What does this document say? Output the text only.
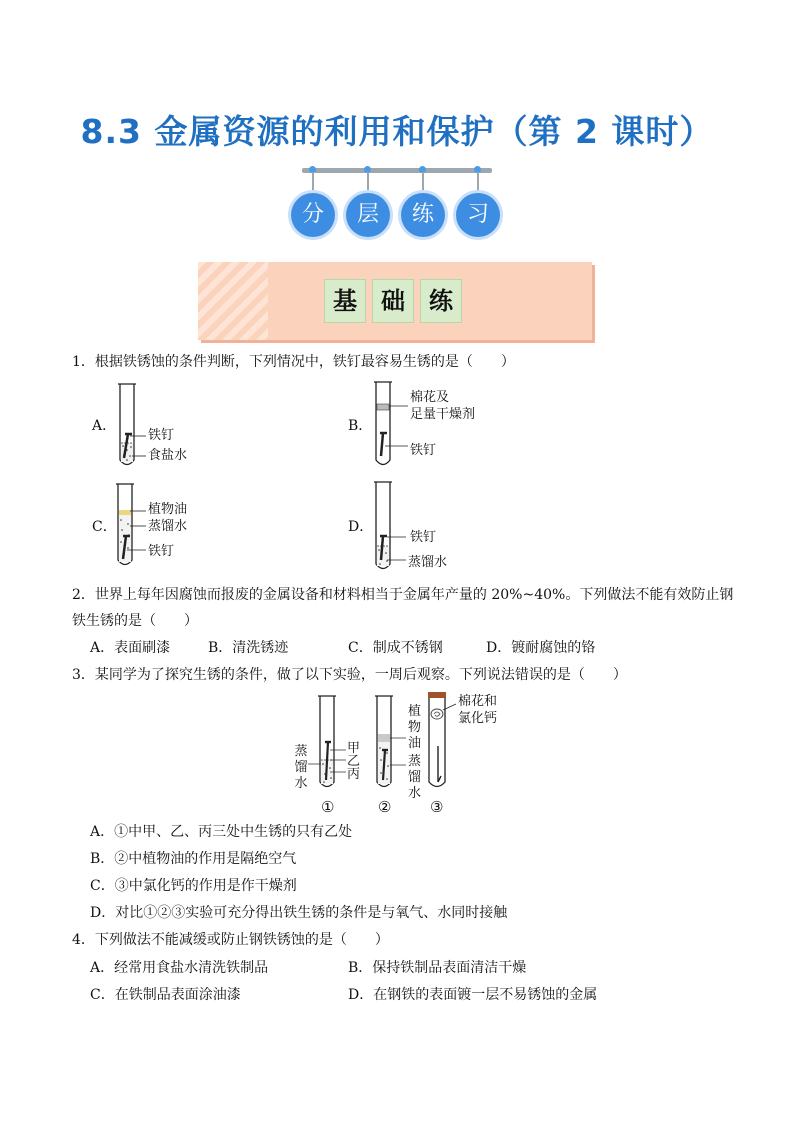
8.3 金属资源的利用和保护（第 2 课时）
分	层	练	习
基	础	练
1．根据铁锈蚀的条件判断，下列情况中，铁钉最容易生锈的是（　　）
A．
铁钉
食盐水
B．
棉花及
足量干燥剂
铁钉
C．
植物油
蒸馏水
铁钉
D．
铁钉
蒸馏水
2．世界上每年因腐蚀而报废的金属设备和材料相当于金属年产量的 20%~40%。下列做法不能有效防止钢
铁生锈的是（　　）
A．表面刷漆	B．清洗锈迹	C．制成不锈钢	D．镀耐腐蚀的铬
3．某同学为了探究生锈的条件，做了以下实验，一周后观察。下列说法错误的是（　　）
蒸
馏
水
甲
乙
丙
植
物
油
蒸
馏
水
棉花和
氯化钙
①	②	③
A．①中甲、乙、丙三处中生锈的只有乙处
B．②中植物油的作用是隔绝空气
C．③中氯化钙的作用是作干燥剂
D．对比①②③实验可充分得出铁生锈的条件是与氧气、水同时接触
4．下列做法不能减缓或防止钢铁锈蚀的是（　　）
A．经常用食盐水清洗铁制品	B．保持铁制品表面清洁干燥
C．在铁制品表面涂油漆	D．在钢铁的表面镀一层不易锈蚀的金属
